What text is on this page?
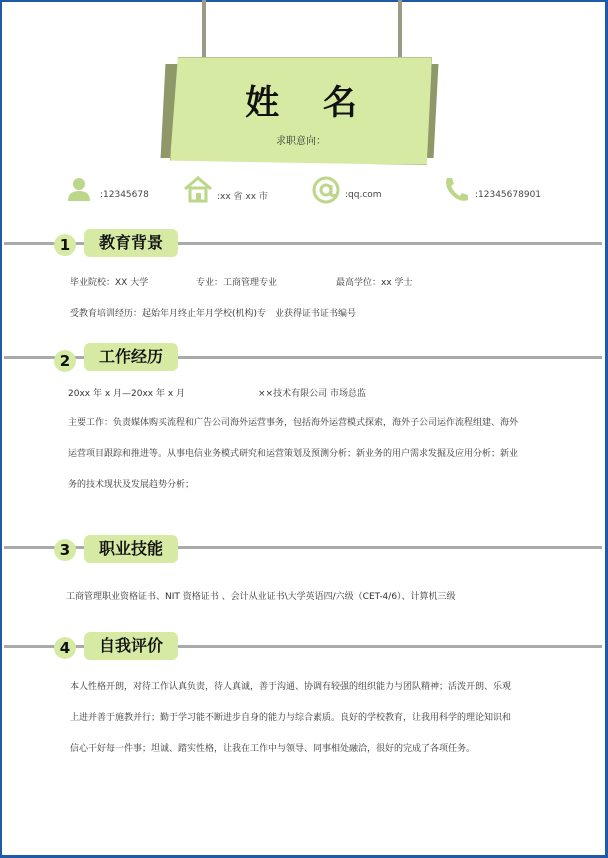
姓 名
求职意向：
:12345678	:xx 省 xx 市	:qq.com	:12345678901
1	教育背景
毕业院校：XX 大学	专业：工商管理专业	最高学位：xx 学士
受教育培训经历：起始年月终止年月学校(机构)专　业获得证书证书编号
2	工作经历
20xx 年 x 月—20xx 年 x 月	××技术有限公司 市场总监
主要工作：负责媒体购买流程和广告公司海外运营事务，包括海外运营模式探索，海外子公司运作流程组建、海外
运营项目跟踪和推进等。从事电信业务模式研究和运营策划及预测分析；新业务的用户需求发掘及应用分析；新业
务的技术现状及发展趋势分析；
3	职业技能
工商管理职业资格证书、NIT 资格证书 、会计从业证书\大学英语四/六级（CET-4/6）、计算机三级
4	自我评价
本人性格开朗，对待工作认真负责，待人真诚，善于沟通、协调有较强的组织能力与团队精神；活泼开朗、乐观
上进并善于施教并行；勤于学习能不断进步自身的能力与综合素质。良好的学校教育，让我用科学的理论知识和
信心干好每一件事；坦诚、踏实性格，让我在工作中与领导、同事相处融洽，很好的完成了各项任务。
